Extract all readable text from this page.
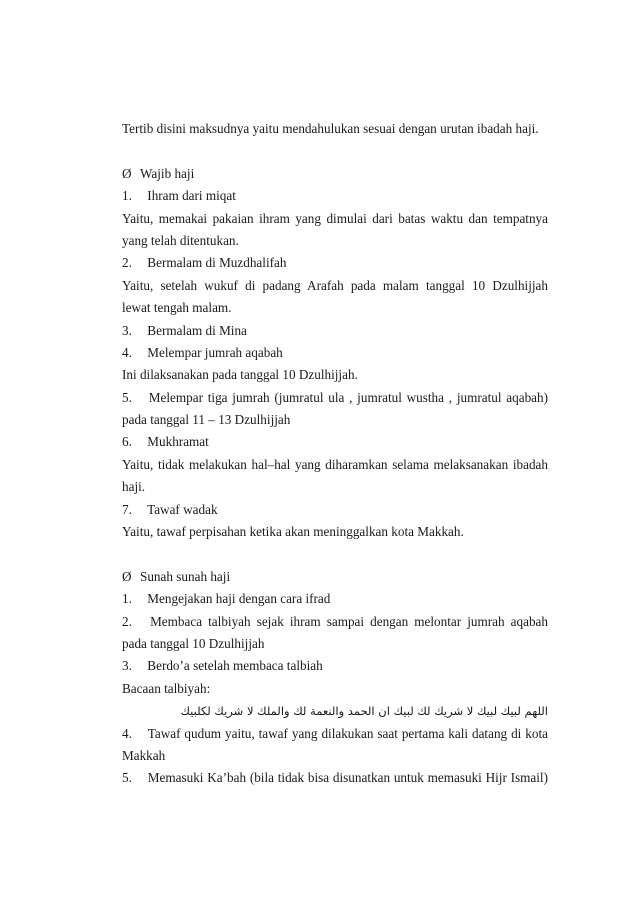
Tertib disini maksudnya yaitu mendahulukan sesuai dengan urutan ibadah haji.
Ø Wajib haji
1. Ihram dari miqat
Yaitu, memakai pakaian ihram yang dimulai dari batas waktu dan tempatnya
yang telah ditentukan.
2. Bermalam di Muzdhalifah
Yaitu, setelah wukuf di padang Arafah pada malam tanggal 10 Dzulhijjah
lewat tengah malam.
3. Bermalam di Mina
4. Melempar jumrah aqabah
Ini dilaksanakan pada tanggal 10 Dzulhijjah.
5. Melempar tiga jumrah (jumratul ula , jumratul wustha , jumratul aqabah)
pada tanggal 11 – 13 Dzulhijjah
6. Mukhramat
Yaitu, tidak melakukan hal–hal yang diharamkan selama melaksanakan ibadah
haji.
7. Tawaf wadak
Yaitu, tawaf perpisahan ketika akan meninggalkan kota Makkah.
Ø Sunah sunah haji
1. Mengejakan haji dengan cara ifrad
2. Membaca talbiyah sejak ihram sampai dengan melontar jumrah aqabah
pada tanggal 10 Dzulhijjah
3. Berdo’a setelah membaca talbiah
Bacaan talbiyah:
اللهم لبيك لبيك لا شريك لك لبيك ان الحمد والنعمة لك والملك لا شريك لكلبيك
4. Tawaf qudum yaitu, tawaf yang dilakukan saat pertama kali datang di kota
Makkah
5. Memasuki Ka’bah (bila tidak bisa disunatkan untuk memasuki Hijr Ismail)
